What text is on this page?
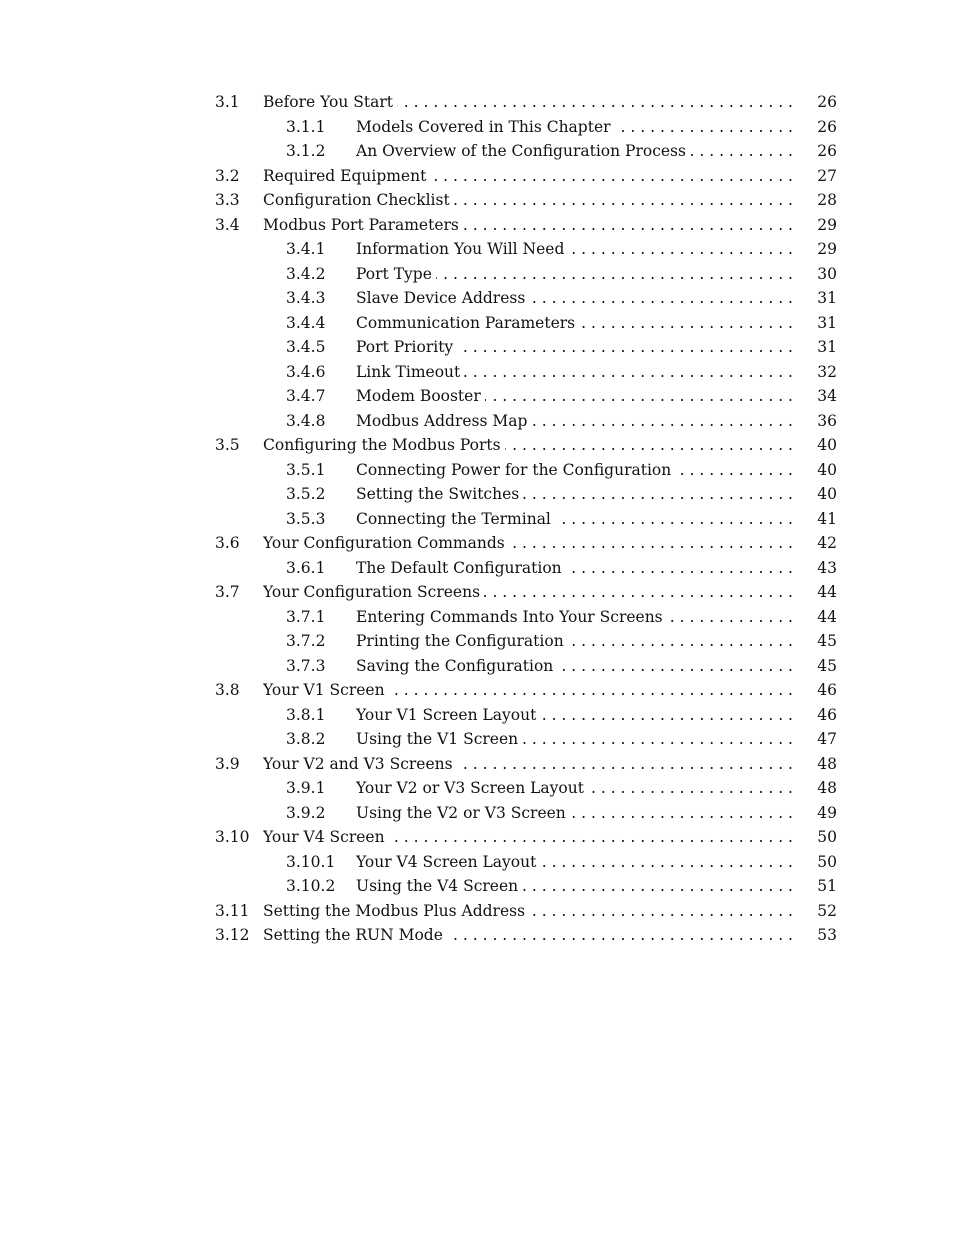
3.1 Before You Start . . .	26
3.1.1 Models Covered in This Chapter . . .	26
3.1.2 An Overview of the Configuration Process . . .	26
3.2 Required Equipment . . .	27
3.3 Configuration Checklist . . .	28
3.4 Modbus Port Parameters . . .	29
3.4.1 Information You Will Need . . .	29
3.4.2 Port Type . . .	30
3.4.3 Slave Device Address . . .	31
3.4.4 Communication Parameters . . .	31
3.4.5 Port Priority . . .	31
3.4.6 Link Timeout . . .	32
3.4.7 Modem Booster . . .	34
3.4.8 Modbus Address Map . . .	36
3.5 Configuring the Modbus Ports . . .	40
3.5.1 Connecting Power for the Configuration . . .	40
3.5.2 Setting the Switches . . .	40
3.5.3 Connecting the Terminal . . .	41
3.6 Your Configuration Commands . . .	42
3.6.1 The Default Configuration . . .	43
3.7 Your Configuration Screens . . .	44
3.7.1 Entering Commands Into Your Screens . . .	44
3.7.2 Printing the Configuration . . .	45
3.7.3 Saving the Configuration . . .	45
3.8 Your V1 Screen . . .	46
3.8.1 Your V1 Screen Layout . . .	46
3.8.2 Using the V1 Screen . . .	47
3.9 Your V2 and V3 Screens . . .	48
3.9.1 Your V2 or V3 Screen Layout . . .	48
3.9.2 Using the V2 or V3 Screen . . .	49
3.10 Your V4 Screen . . .	50
3.10.1 Your V4 Screen Layout . . .	50
3.10.2 Using the V4 Screen . . .	51
3.11 Setting the Modbus Plus Address . . .	52
3.12 Setting the RUN Mode . . .	53
